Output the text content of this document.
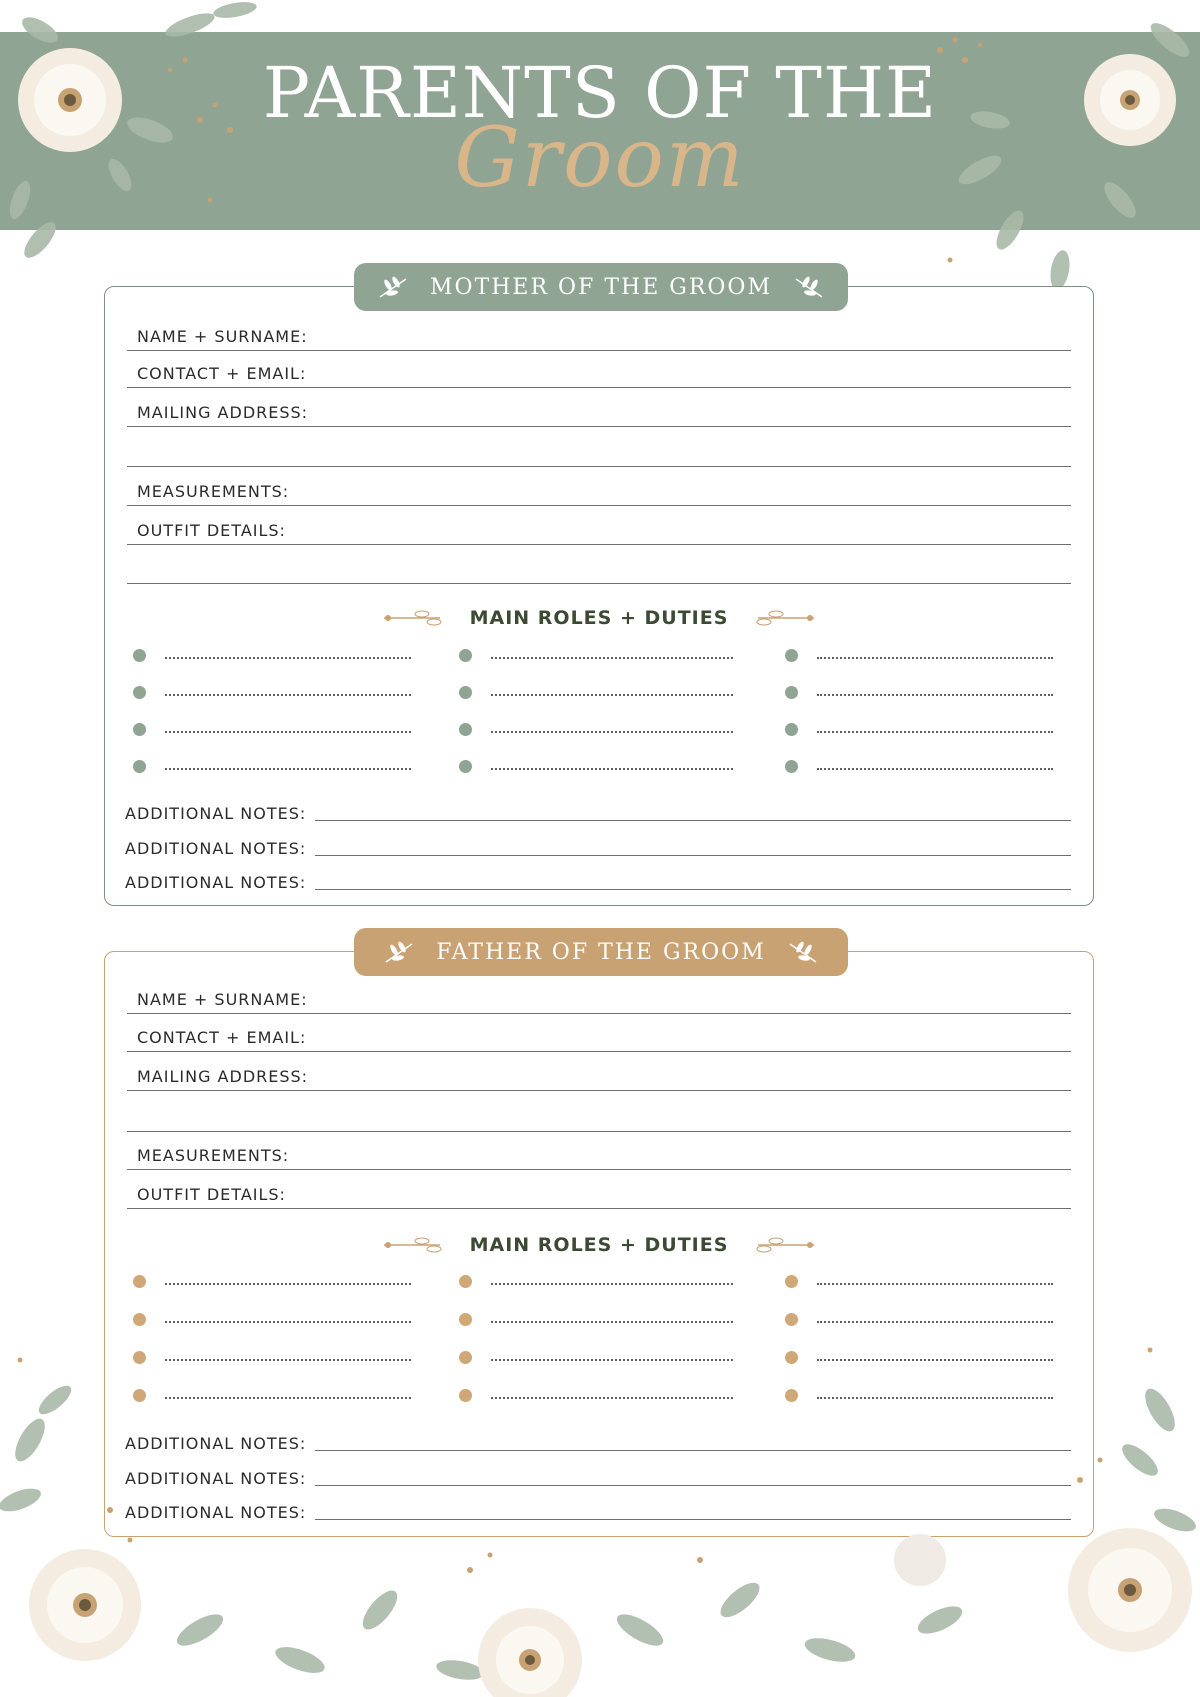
PARENTS OF THE
Groom
NAME + SURNAME:
CONTACT + EMAIL:
MAILING ADDRESS:
MEASUREMENTS:
OUTFIT DETAILS:
MAIN ROLES + DUTIES
ADDITIONAL NOTES:
ADDITIONAL NOTES:
ADDITIONAL NOTES:
MOTHER OF THE GROOM
NAME + SURNAME:
CONTACT + EMAIL:
MAILING ADDRESS:
MEASUREMENTS:
OUTFIT DETAILS:
MAIN ROLES + DUTIES
ADDITIONAL NOTES:
ADDITIONAL NOTES:
ADDITIONAL NOTES:
FATHER OF THE GROOM
